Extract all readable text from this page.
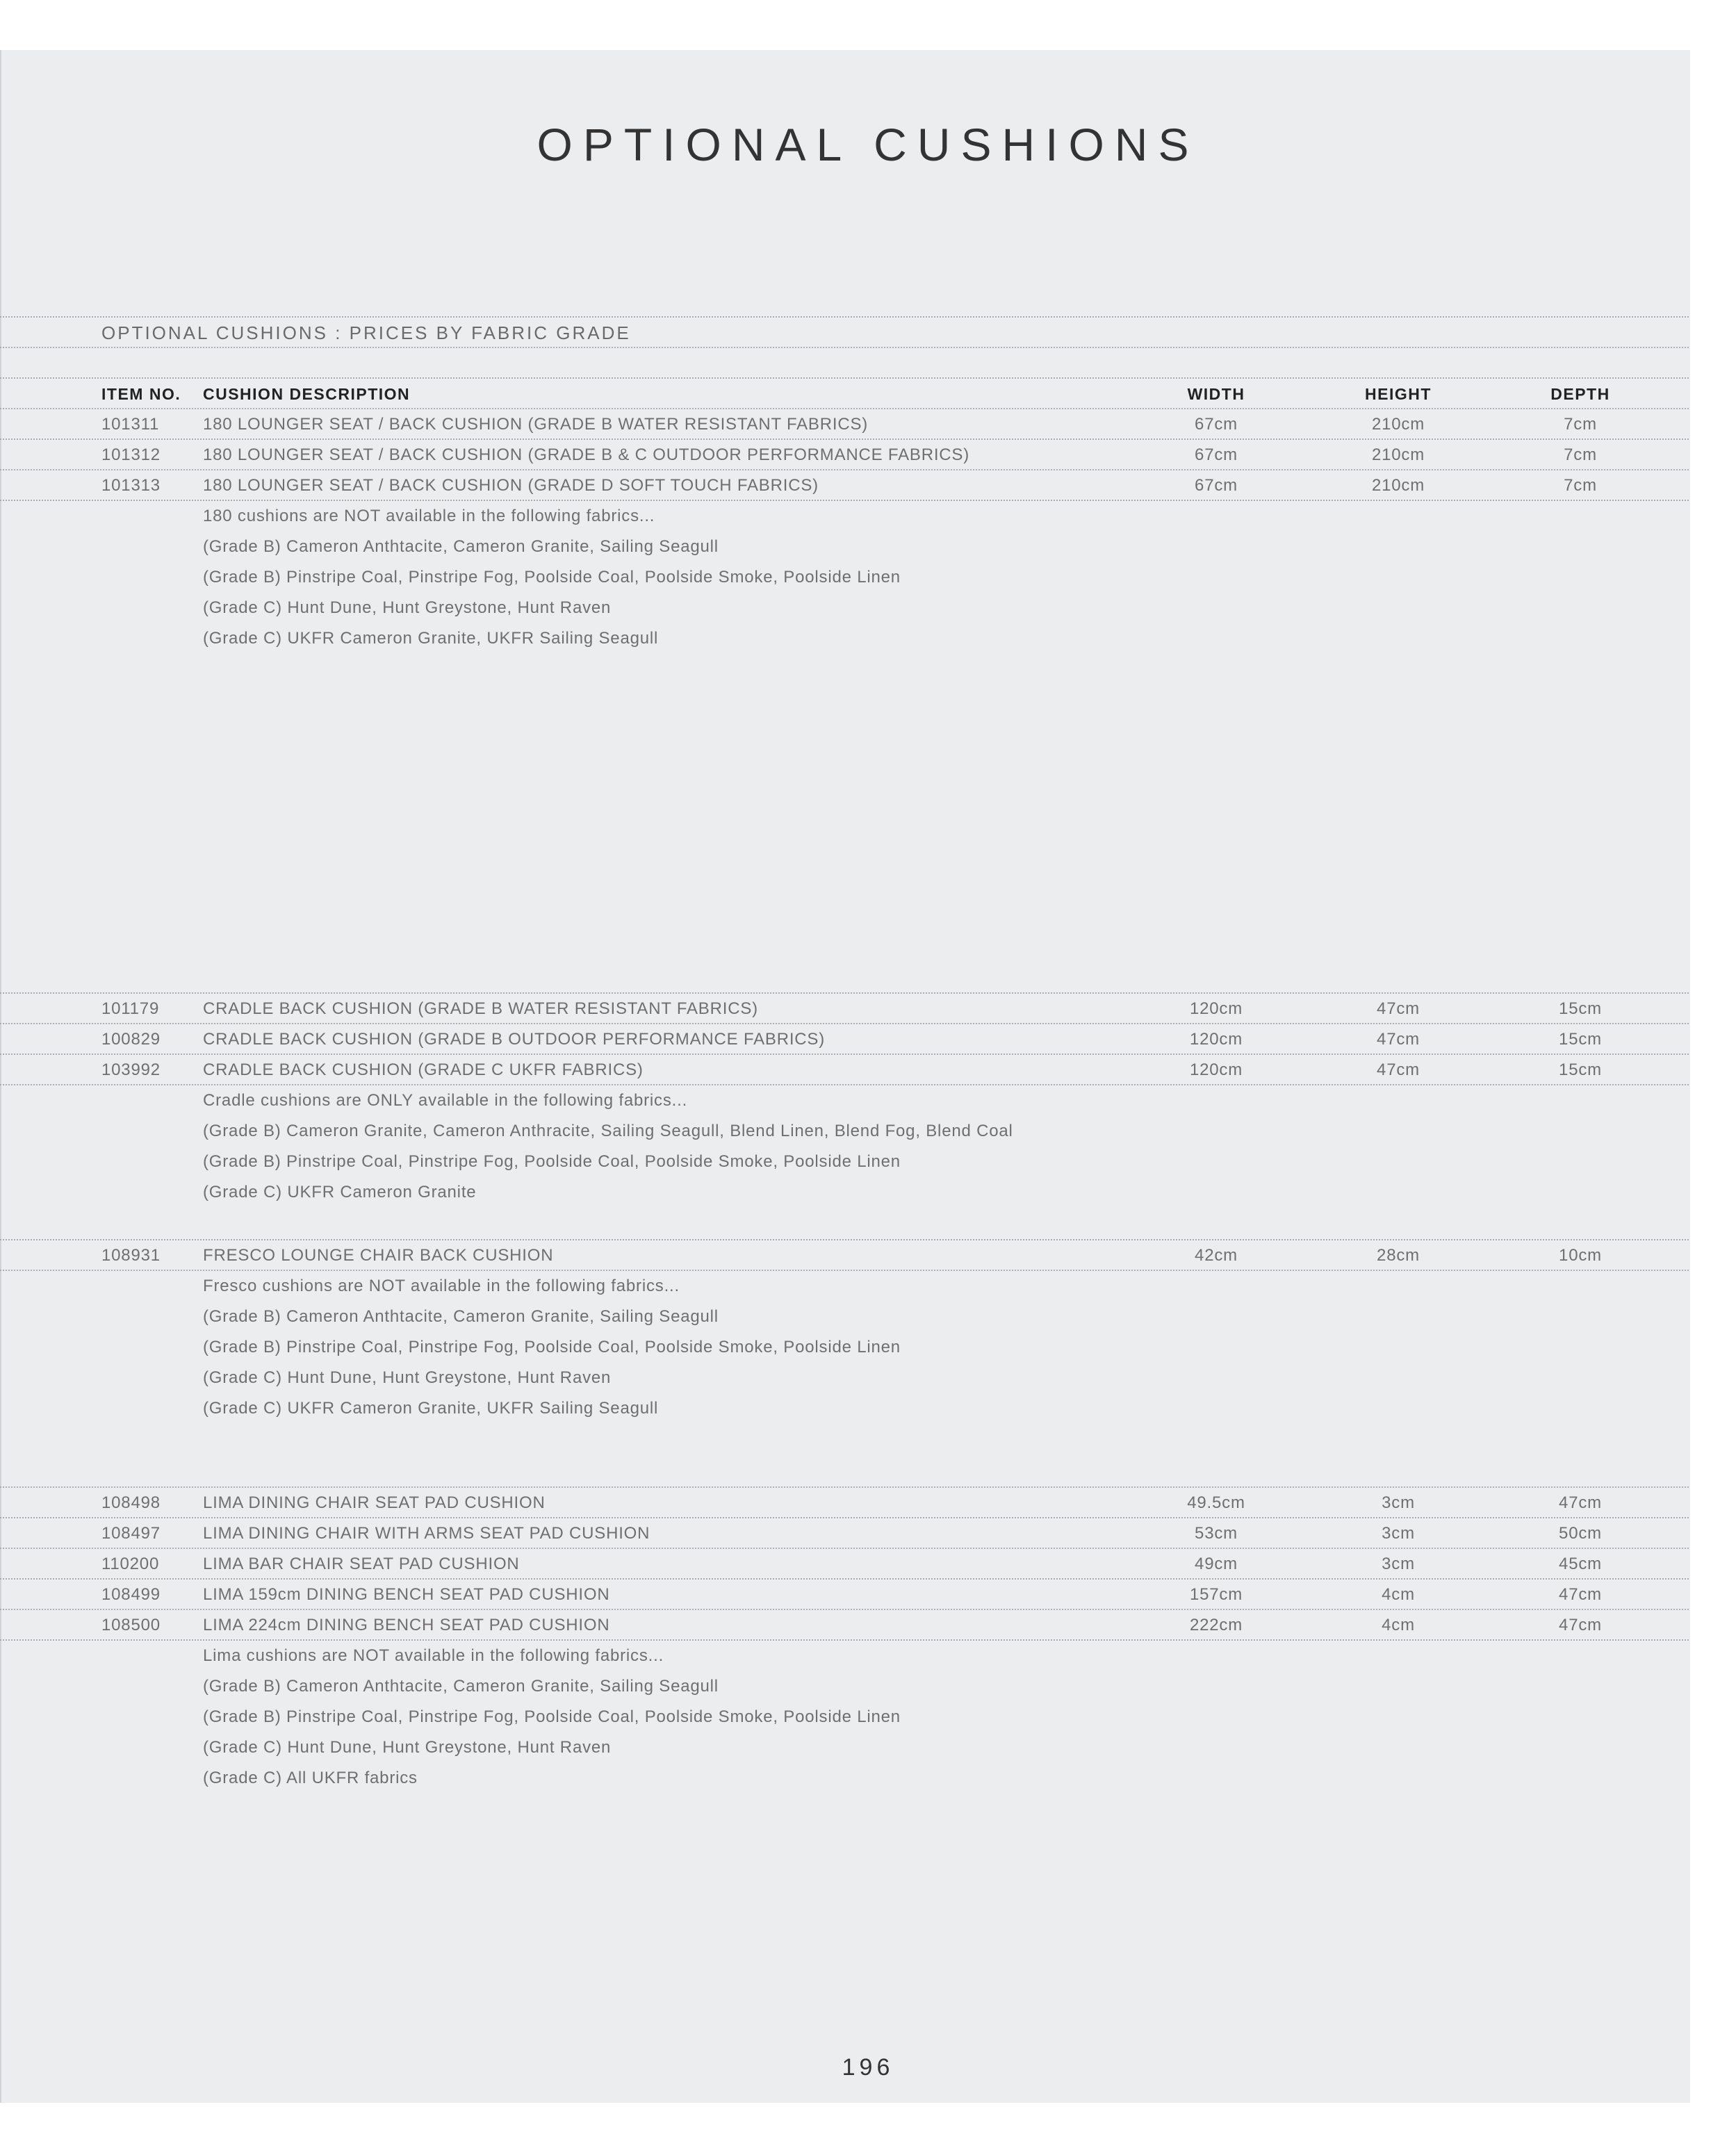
OPTIONAL CUSHIONS
OPTIONAL CUSHIONS : PRICES BY FABRIC GRADE
ITEM NO.	CUSHION DESCRIPTION	WIDTH	HEIGHT	DEPTH
101311	180 LOUNGER SEAT / BACK CUSHION (GRADE B WATER RESISTANT FABRICS)	67cm	210cm	7cm
101312	180 LOUNGER SEAT / BACK CUSHION (GRADE B & C OUTDOOR PERFORMANCE FABRICS)	67cm	210cm	7cm
101313	180 LOUNGER SEAT / BACK CUSHION (GRADE D SOFT TOUCH FABRICS)	67cm	210cm	7cm
180 cushions are NOT available in the following fabrics...
(Grade B) Cameron Anthtacite, Cameron Granite, Sailing Seagull
(Grade B) Pinstripe Coal, Pinstripe Fog, Poolside Coal, Poolside Smoke, Poolside Linen
(Grade C) Hunt Dune, Hunt Greystone, Hunt Raven
(Grade C) UKFR Cameron Granite, UKFR Sailing Seagull
101179	CRADLE BACK CUSHION (GRADE B WATER RESISTANT FABRICS)	120cm	47cm	15cm
100829	CRADLE BACK CUSHION (GRADE B OUTDOOR PERFORMANCE FABRICS)	120cm	47cm	15cm
103992	CRADLE BACK CUSHION (GRADE C UKFR FABRICS)	120cm	47cm	15cm
Cradle cushions are ONLY available in the following fabrics...
(Grade B) Cameron Granite, Cameron Anthracite, Sailing Seagull, Blend Linen, Blend Fog, Blend Coal
(Grade B) Pinstripe Coal, Pinstripe Fog, Poolside Coal, Poolside Smoke, Poolside Linen
(Grade C) UKFR Cameron Granite
108931	FRESCO LOUNGE CHAIR BACK CUSHION	42cm	28cm	10cm
Fresco cushions are NOT available in the following fabrics...
(Grade B) Cameron Anthtacite, Cameron Granite, Sailing Seagull
(Grade B) Pinstripe Coal, Pinstripe Fog, Poolside Coal, Poolside Smoke, Poolside Linen
(Grade C) Hunt Dune, Hunt Greystone, Hunt Raven
(Grade C) UKFR Cameron Granite, UKFR Sailing Seagull
108498	LIMA DINING CHAIR SEAT PAD CUSHION	49.5cm	3cm	47cm
108497	LIMA DINING CHAIR WITH ARMS SEAT PAD CUSHION	53cm	3cm	50cm
110200	LIMA BAR CHAIR SEAT PAD CUSHION	49cm	3cm	45cm
108499	LIMA 159cm DINING BENCH SEAT PAD CUSHION	157cm	4cm	47cm
108500	LIMA 224cm DINING BENCH SEAT PAD CUSHION	222cm	4cm	47cm
Lima cushions are NOT available in the following fabrics...
(Grade B) Cameron Anthtacite, Cameron Granite, Sailing Seagull
(Grade B) Pinstripe Coal, Pinstripe Fog, Poolside Coal, Poolside Smoke, Poolside Linen
(Grade C) Hunt Dune, Hunt Greystone, Hunt Raven
(Grade C) All UKFR fabrics
196
